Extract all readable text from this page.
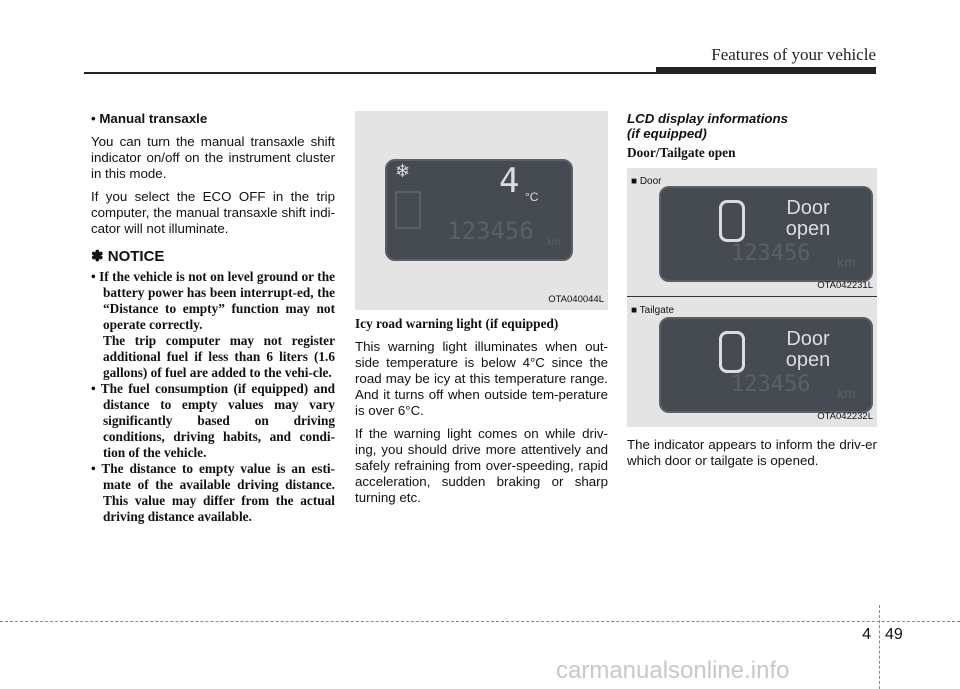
Features of your vehicle

• Manual transaxle

You can turn the manual transaxle shift indicator on/off on the instrument cluster in this mode.

If you select the ECO OFF in the trip computer, the manual transaxle shift indi-cator will not illuminate.

✽ NOTICE
• If the vehicle is not on level ground or the battery power has been interrupt-ed, the “Distance to empty” function may not operate correctly.
The trip computer may not register additional fuel if less than 6 liters (1.6 gallons) of fuel are added to the vehi-cle.
• The fuel consumption (if equipped) and distance to empty values may vary significantly based on driving conditions, driving habits, and condi-tion of the vehicle.
• The distance to empty value is an esti-mate of the available driving distance. This value may differ from the actual driving distance available.
❄	4 °C
123456 km
OTA040044L

Icy road warning light (if equipped)

This warning light illuminates when out-side temperature is below 4°C since the road may be icy at this temperature range. And it turns off when outside tem-perature is over 6°C.

If the warning light comes on while driv-ing, you should drive more attentively and safely refraining from over-speeding, rapid acceleration, sudden braking or sharp turning etc.

LCD display informations
(if equipped)

Door/Tailgate open

■ Door
Door
open
123456 km
OTA042231L
■ Tailgate
Door
open
123456 km
OTA042232L

The indicator appears to inform the driv-er which door or tailgate is opened.

4 49
carmanualsonline.info
